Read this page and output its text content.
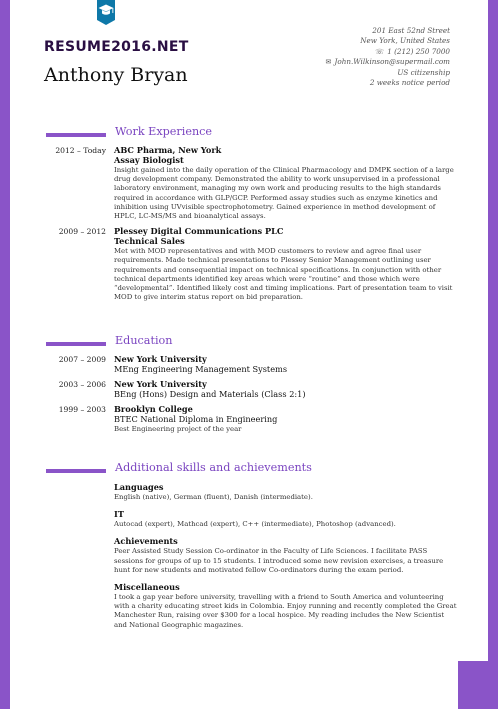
RESUME2016.NET
Anthony Bryan
201 East 52nd Street
New York, United States
☏ 1 (212) 250 7000
✉ John.Wilkinson@supermail.com
US citizenship
2 weeks notice period
Work Experience
2012 – Today ABC Pharma, New York
Assay Biologist
Insight gained into the daily operation of the Clinical Pharmacology and DMPK section of a large drug development company. Demonstrated the ability to work unsupervised in a professional laboratory environment, managing my own work and producing results to the high standards required in accordance with GLP/GCP. Performed assay studies such as enzyme kinetics and inhibition using UVvisible spectrophotometry. Gained experience in method development of HPLC, LC-MS/MS and bioanalytical assays.
2009 – 2012 Plessey Digital Communications PLC
Technical Sales
Met with MOD representatives and with MOD customers to review and agree final user requirements. Made technical presentations to Plessey Senior Management outlining user requirements and consequential impact on technical specifications. In conjunction with other technical departments identified key areas which were “routine” and those which were “developmental”. Identified likely cost and timing implications. Part of presentation team to visit MOD to give interim status report on bid preparation.
Education
2007 – 2009 New York University
MEng Engineering Management Systems
2003 – 2006 New York University
BEng (Hons) Design and Materials (Class 2:1)
1999 – 2003 Brooklyn College
BTEC National Diploma in Engineering
Best Engineering project of the year
Additional skills and achievements
Languages
English (native), German (fluent), Danish (intermediate).
IT
Autocad (expert), Mathcad (expert), C++ (intermediate), Photoshop (advanced).
Achievements
Peer Assisted Study Session Co-ordinator in the Faculty of Life Sciences. I facilitate PASS sessions for groups of up to 15 students. I introduced some new revision exercises, a treasure hunt for new students and motivated fellow Co-ordinators during the exam period.
Miscellaneous
I took a gap year before university, travelling with a friend to South America and volunteering with a charity educating street kids in Colombia. Enjoy running and recently completed the Great Manchester Run, raising over $300 for a local hospice. My reading includes the New Scientist and National Geographic magazines.
